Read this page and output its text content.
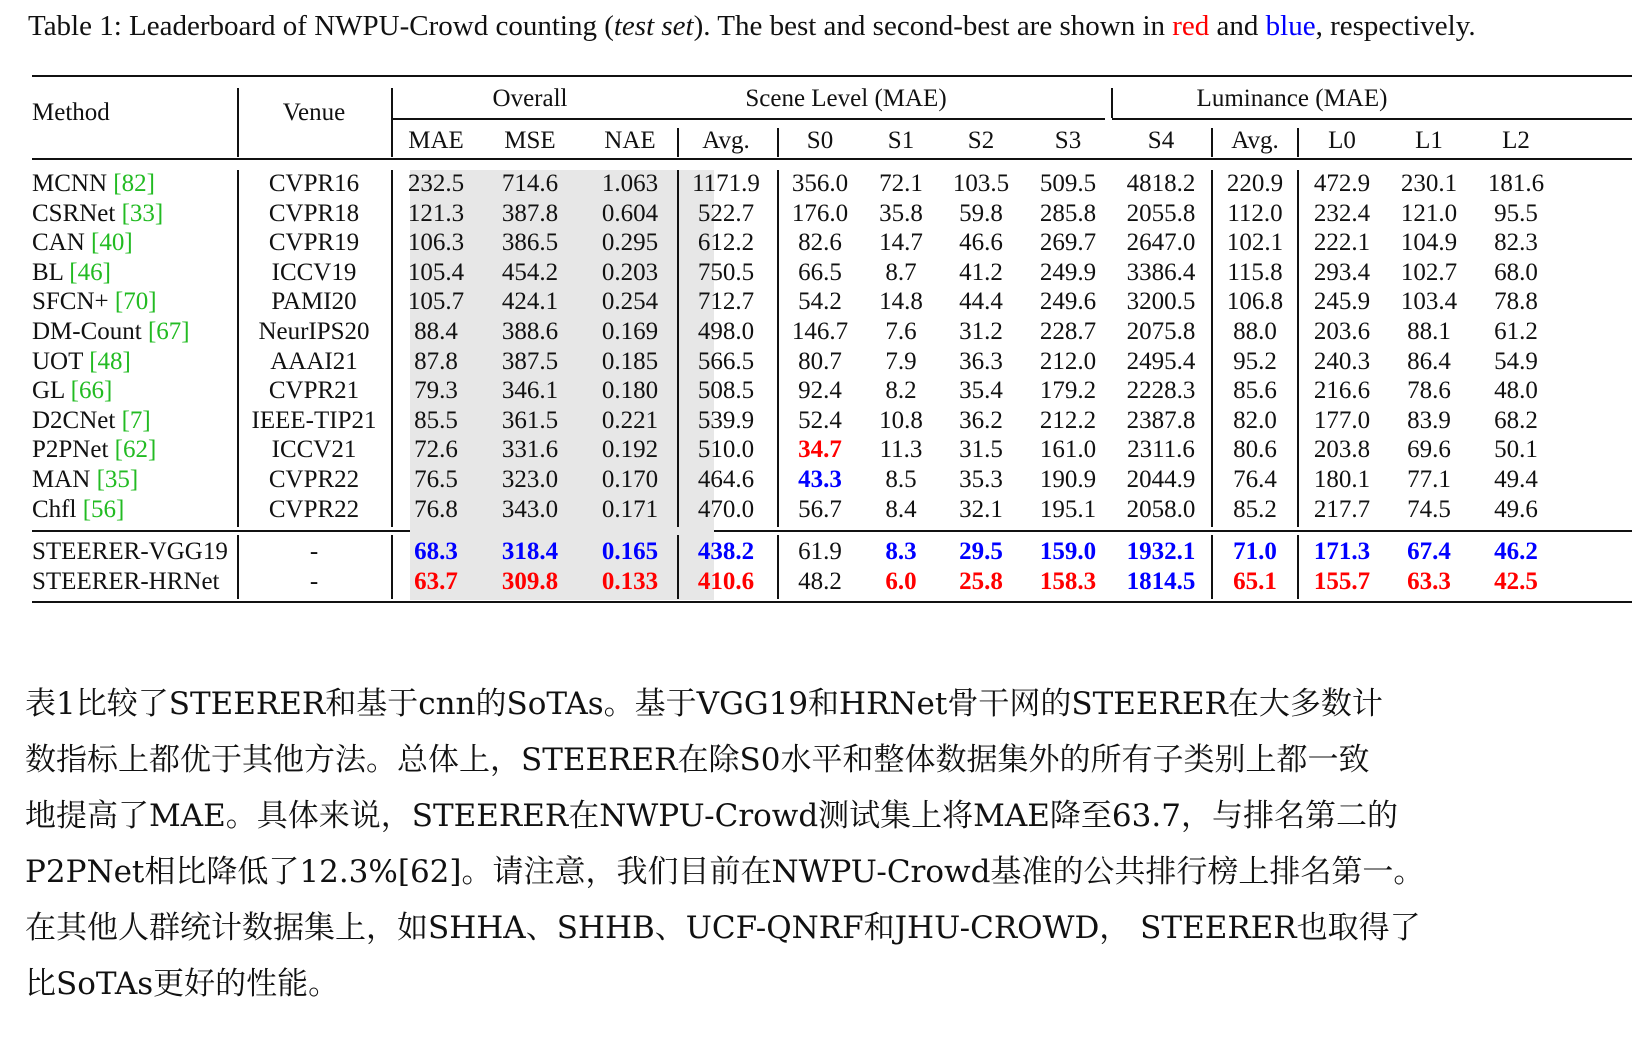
Table 1: Leaderboard of NWPU-Crowd counting (test set). The best and second-best are shown in red and blue, respectively.
Method	Venue
Overall	Scene Level (MAE)	Luminance (MAE)
MAE MSE NAE Avg. S0 S1 S2 S3	S4 Avg. L0 L1 L2
MCNN [82]	CVPR16 232.5 714.6 1.063 1171.9 356.0 72.1 103.5 509.5 4818.2 220.9 472.9 230.1 181.6
CSRNet [33]	CVPR18 121.3 387.8 0.604 522.7 176.0 35.8 59.8 285.8 2055.8 112.0 232.4 121.0 95.5
CAN [40]	CVPR19 106.3 386.5 0.295 612.2 82.6 14.7 46.6 269.7 2647.0 102.1 222.1 104.9 82.3
BL [46]	ICCV19 105.4 454.2 0.203 750.5 66.5 8.7 41.2 249.9 3386.4 115.8 293.4 102.7 68.0
SFCN+ [70]	PAMI20 105.7 424.1 0.254 712.7 54.2 14.8 44.4 249.6 3200.5 106.8 245.9 103.4 78.8
DM-Count [67]	NeurIPS20 88.4 388.6 0.169 498.0 146.7 7.6 31.2 228.7 2075.8 88.0 203.6 88.1 61.2
UOT [48]	AAAI21 87.8 387.5 0.185 566.5 80.7 7.9 36.3 212.0 2495.4 95.2 240.3 86.4 54.9
GL [66]	CVPR21 79.3 346.1 0.180 508.5 92.4 8.2 35.4 179.2 2228.3 85.6 216.6 78.6 48.0
D2CNet [7]	IEEE-TIP21 85.5 361.5 0.221 539.9 52.4 10.8 36.2 212.2 2387.8 82.0 177.0 83.9 68.2
P2PNet [62]	ICCV21 72.6 331.6 0.192 510.0 34.7 11.3 31.5 161.0 2311.6 80.6 203.8 69.6 50.1
MAN [35]	CVPR22 76.5 323.0 0.170 464.6 43.3 8.5 35.3 190.9 2044.9 76.4 180.1 77.1 49.4
Chfl [56]	CVPR22 76.8 343.0 0.171 470.0 56.7 8.4 32.1 195.1 2058.0 85.2 217.7 74.5 49.6
STEERER-VGG19	-	68.3 318.4 0.165 438.2 61.9 8.3 29.5 159.0 1932.1 71.0 171.3 67.4 46.2
STEERER-HRNet	-	63.7 309.8 0.133 410.6 48.2 6.0 25.8 158.3 1814.5 65.1 155.7 63.3 42.5

表1比较了STEERER和基于cnn的SoTAs。基于VGG19和HRNet骨干网的STEERER在大多数计

数指标上都优于其他方法。总体上，STEERER在除S0水平和整体数据集外的所有子类别上都一致

地提高了MAE。具体来说，STEERER在NWPU-Crowd测试集上将MAE降至63.7，与排名第二的

P2PNet相比降低了12.3%[62]。请注意，我们目前在NWPU-Crowd基准的公共排行榜上排名第一。

在其他人群统计数据集上，如SHHA、SHHB、UCF-QNRF和JHU-CROWD， STEERER也取得了

比SoTAs更好的性能。
